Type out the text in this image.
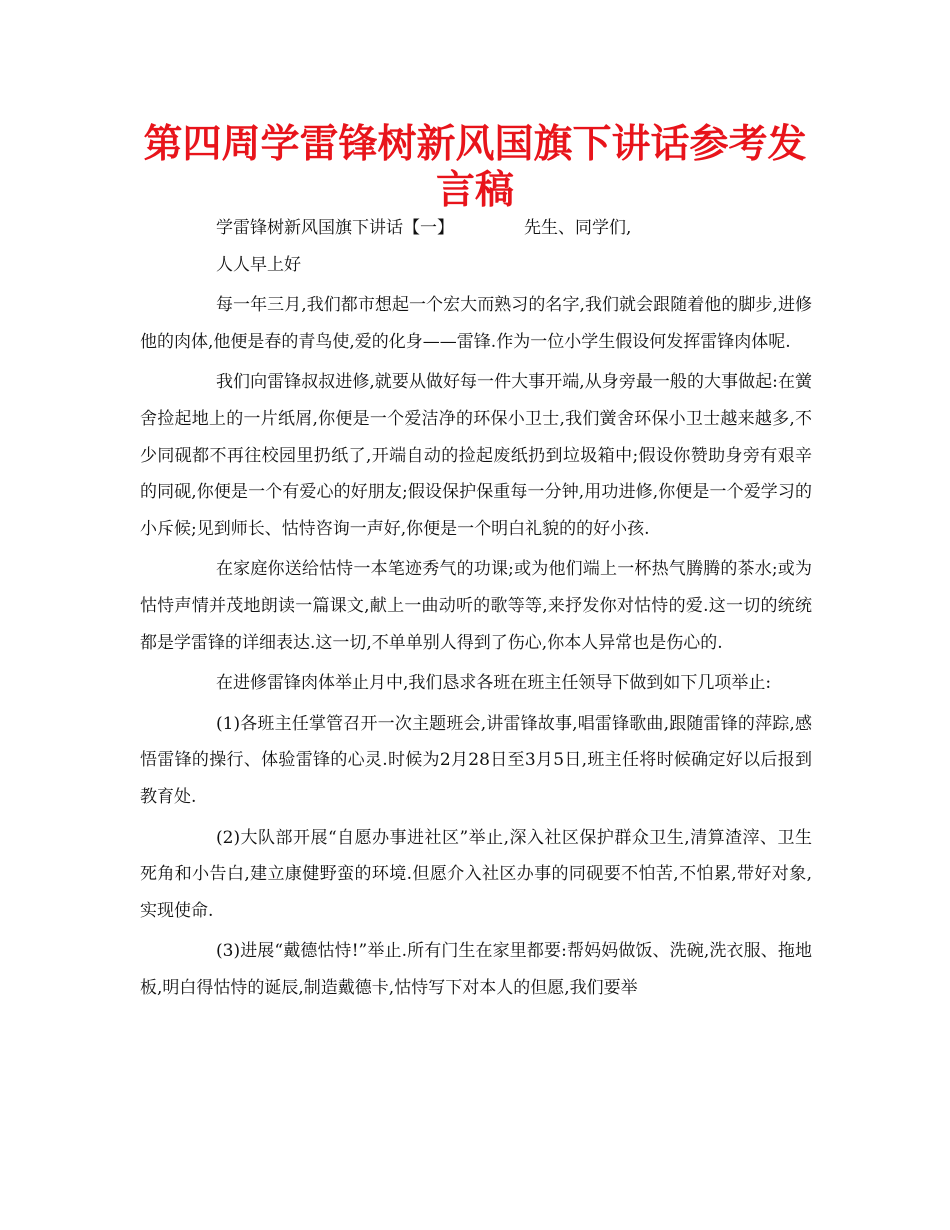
第四周学雷锋树新风国旗下讲话参考发言稿

学雷锋树新风国旗下讲话【一】	先生、同学们,

人人早上好

每一年三月,我们都市想起一个宏大而熟习的名字,我们就会跟随着他的脚步,进修他的肉体,他便是春的青鸟使,爱的化身——雷锋.作为一位小学生假设何发挥雷锋肉体呢.

我们向雷锋叔叔进修,就要从做好每一件大事开端,从身旁最一般的大事做起:在黉舍捡起地上的一片纸屑,你便是一个爱洁净的环保小卫士,我们黉舍环保小卫士越来越多,不少同砚都不再往校园里扔纸了,开端自动的捡起废纸扔到垃圾箱中;假设你赞助身旁有艰辛的同砚,你便是一个有爱心的好朋友;假设保护保重每一分钟,用功进修,你便是一个爱学习的小斥候;见到师长、怙恃咨询一声好,你便是一个明白礼貌的的好小孩.

在家庭你送给怙恃一本笔迹秀气的功课;或为他们端上一杯热气腾腾的茶水;或为怙恃声情并茂地朗读一篇课文,献上一曲动听的歌等等,来抒发你对怙恃的爱.这一切的统统都是学雷锋的详细表达.这一切,不单单别人得到了伤心,你本人异常也是伤心的.

在进修雷锋肉体举止月中,我们恳求各班在班主任领导下做到如下几项举止:

(1)各班主任掌管召开一次主题班会,讲雷锋故事,唱雷锋歌曲,跟随雷锋的萍踪,感悟雷锋的操行、体验雷锋的心灵.时候为2月28日至3月5日,班主任将时候确定好以后报到教育处.

(2)大队部开展“自愿办事进社区”举止,深入社区保护群众卫生,清算渣滓、卫生死角和小告白,建立康健野蛮的环境.但愿介入社区办事的同砚要不怕苦,不怕累,带好对象,实现使命.

(3)进展“戴德怙恃!”举止.所有门生在家里都要:帮妈妈做饭、洗碗,洗衣服、拖地板,明白得怙恃的诞辰,制造戴德卡,怙恃写下对本人的但愿,我们要举
